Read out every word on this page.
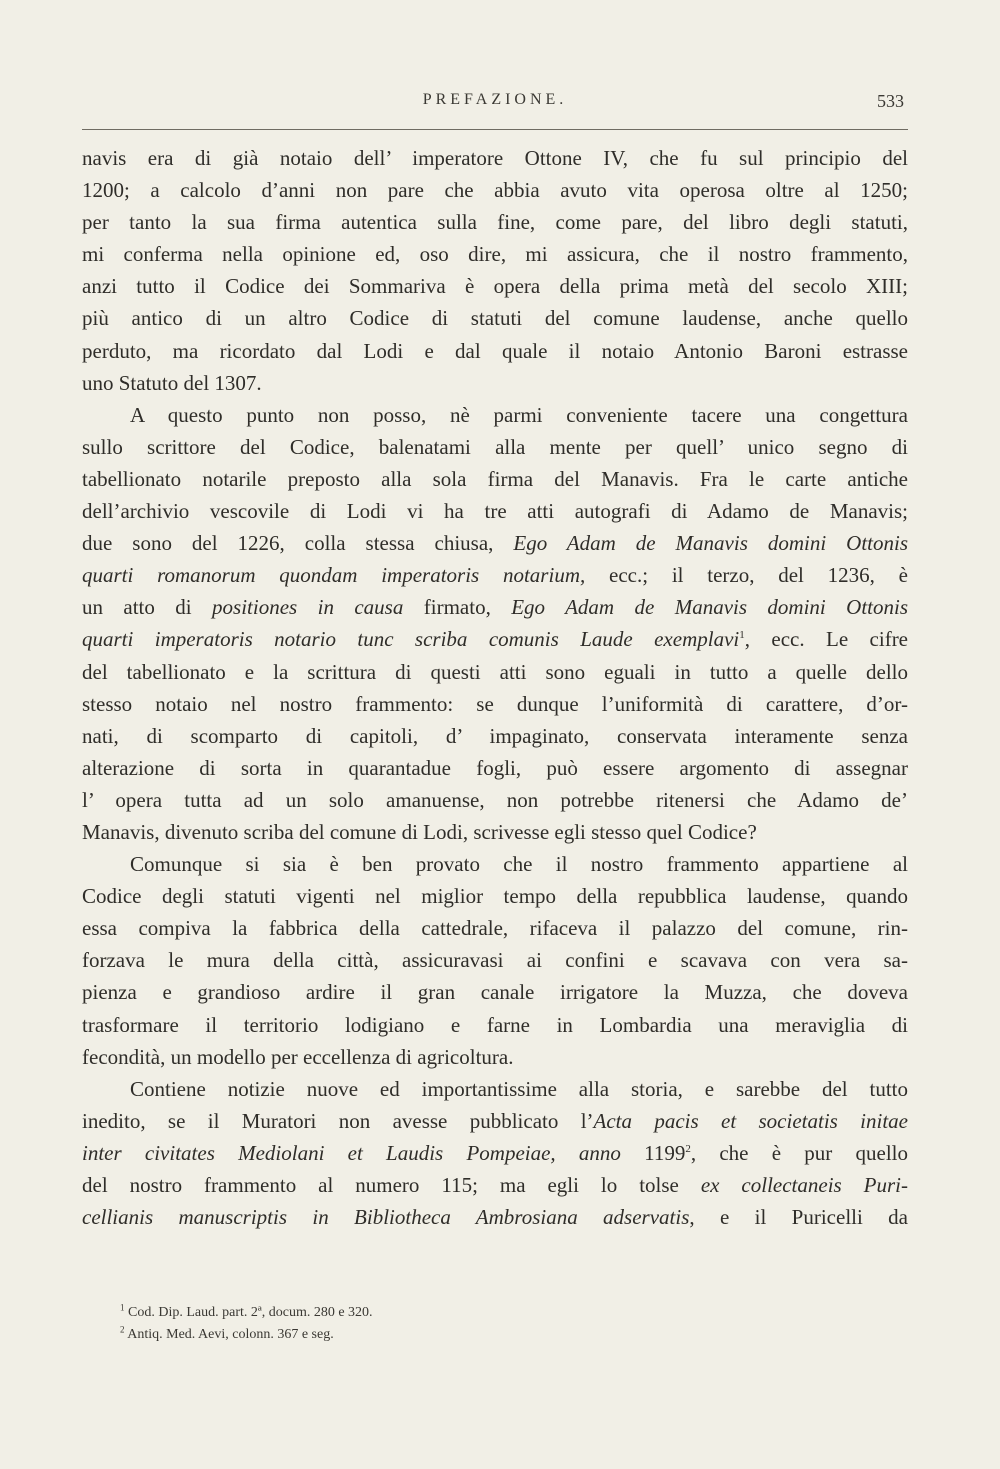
PREFAZIONE.	533
navis era di già notaio dell’ imperatore Ottone IV, che fu sul principio del
1200; a calcolo d’anni non pare che abbia avuto vita operosa oltre al 1250;
per tanto la sua firma autentica sulla fine, come pare, del libro degli statuti,
mi conferma nella opinione ed, oso dire, mi assicura, che il nostro frammento,
anzi tutto il Codice dei Sommariva è opera della prima metà del secolo XIII;
più antico di un altro Codice di statuti del comune laudense, anche quello
perduto, ma ricordato dal Lodi e dal quale il notaio Antonio Baroni estrasse
uno Statuto del 1307.
A questo punto non posso, nè parmi conveniente tacere una congettura
sullo scrittore del Codice, balenatami alla mente per quell’ unico segno di
tabellionato notarile preposto alla sola firma del Manavis. Fra le carte antiche
dell’archivio vescovile di Lodi vi ha tre atti autografi di Adamo de Manavis;
due sono del 1226, colla stessa chiusa, Ego Adam de Manavis domini Ottonis
quarti romanorum quondam imperatoris notarium, ecc.; il terzo, del 1236, è
un atto di positiones in causa firmato, Ego Adam de Manavis domini Ottonis
quarti imperatoris notario tunc scriba comunis Laude exemplavi$^1$, ecc. Le cifre
del tabellionato e la scrittura di questi atti sono eguali in tutto a quelle dello
stesso notaio nel nostro frammento: se dunque l’uniformità di carattere, d’or-
nati, di scomparto di capitoli, d’ impaginato, conservata interamente senza
alterazione di sorta in quarantadue fogli, può essere argomento di assegnar
l’ opera tutta ad un solo amanuense, non potrebbe ritenersi che Adamo de’
Manavis, divenuto scriba del comune di Lodi, scrivesse egli stesso quel Codice?
Comunque si sia è ben provato che il nostro frammento appartiene al
Codice degli statuti vigenti nel miglior tempo della repubblica laudense, quando
essa compiva la fabbrica della cattedrale, rifaceva il palazzo del comune, rin-
forzava le mura della città, assicuravasi ai confini e scavava con vera sa-
pienza e grandioso ardire il gran canale irrigatore la Muzza, che doveva
trasformare il territorio lodigiano e farne in Lombardia una meraviglia di
fecondità, un modello per eccellenza di agricoltura.
Contiene notizie nuove ed importantissime alla storia, e sarebbe del tutto
inedito, se il Muratori non avesse pubblicato l’Acta pacis et societatis initae
inter civitates Mediolani et Laudis Pompeiae, anno 1199$^2$, che è pur quello
del nostro frammento al numero 115; ma egli lo tolse ex collectaneis Puri-
cellianis manuscriptis in Bibliotheca Ambrosiana adservatis, e il Puricelli da
$^1$ Cod. Dip. Laud. part. 2ª, docum. 280 e 320.
$^2$ Antiq. Med. Aevi, colonn. 367 e seg.
